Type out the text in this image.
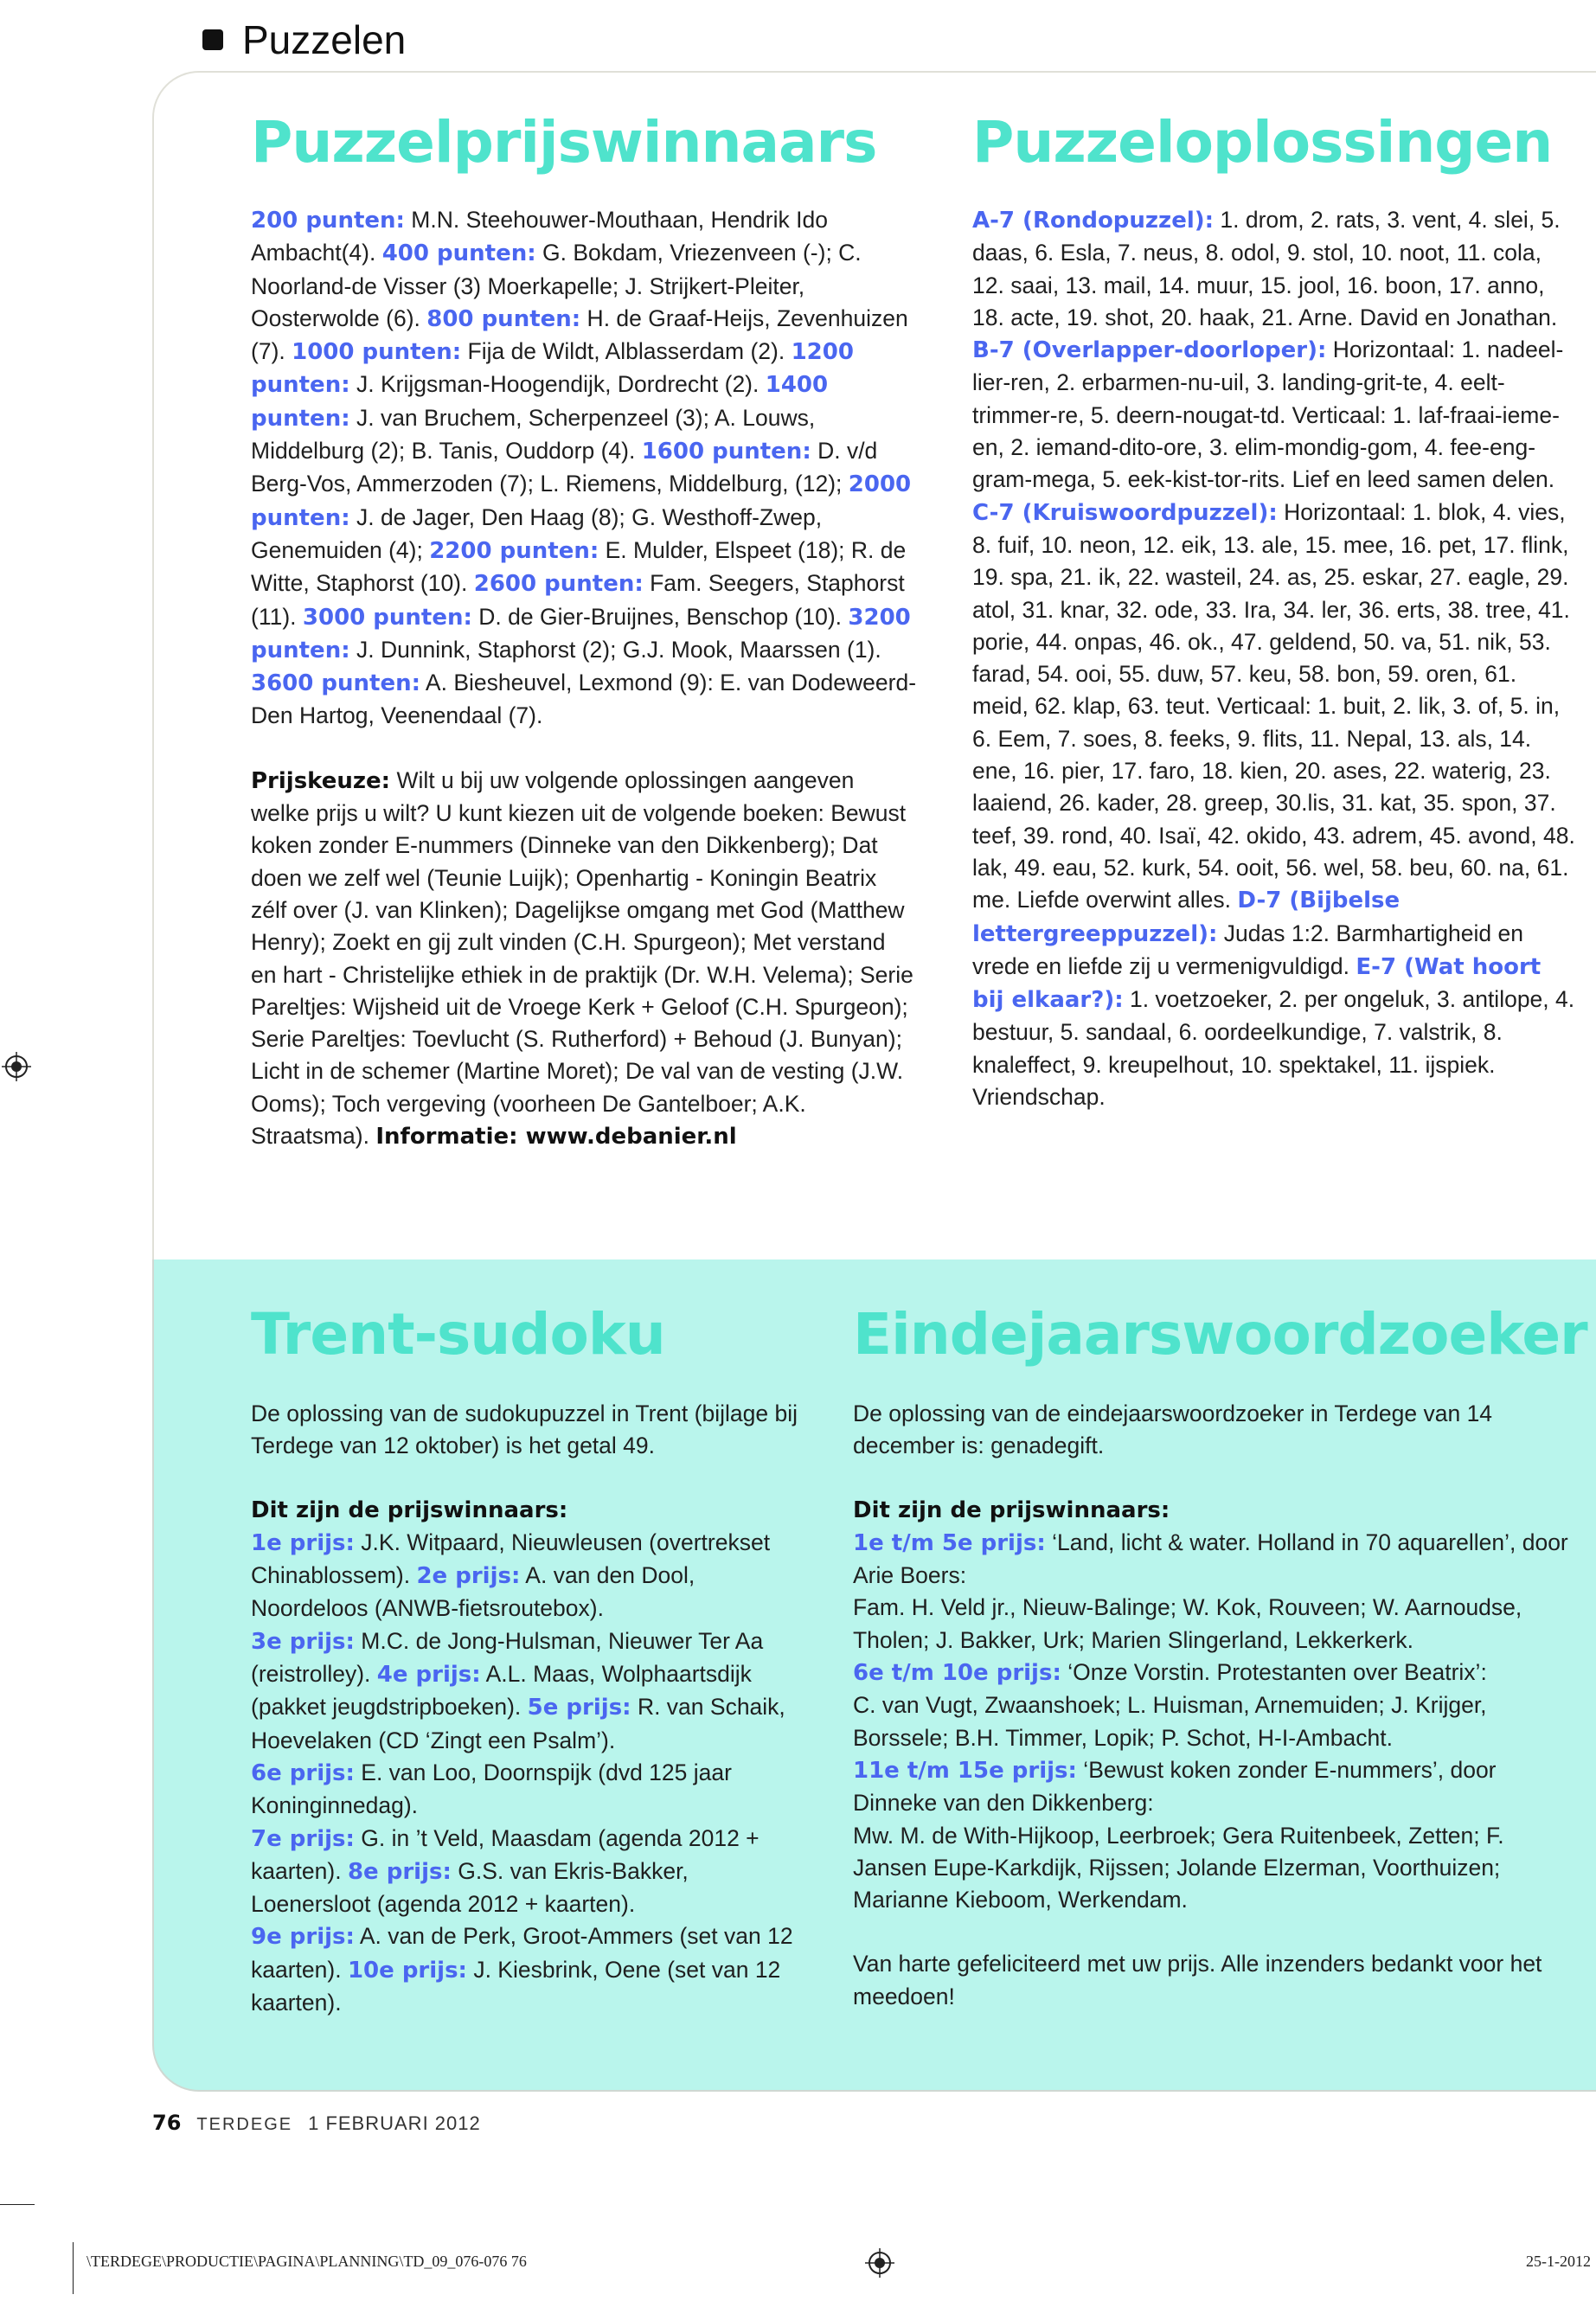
Puzzelen
Puzzelprijswinnaars

200 punten: M.N. Steehouwer-Mouthaan, Hendrik Ido Ambacht(4). 400 punten: G. Bokdam, Vriezenveen (-); C. Noorland-de Visser (3) Moerkapelle; J. Strijkert-Pleiter, Oosterwolde (6). 800 punten: H. de Graaf-Heijs, Zevenhuizen (7). 1000 punten: Fija de Wildt, Alblasserdam (2). 1200 punten: J. Krijgsman-Hoogendijk, Dordrecht (2). 1400 punten: J. van Bruchem, Scherpenzeel (3); A. Louws, Middelburg (2); B. Tanis, Ouddorp (4). 1600 punten: D. v/d Berg-Vos, Ammerzoden (7); L. Riemens, Middelburg, (12); 2000 punten: J. de Jager, Den Haag (8); G. Westhoff-Zwep, Genemuiden (4); 2200 punten: E. Mulder, Elspeet (18); R. de Witte, Staphorst (10). 2600 punten: Fam. Seegers, Staphorst (11). 3000 punten: D. de Gier-Bruijnes, Benschop (10). 3200 punten: J. Dunnink, Staphorst (2); G.J. Mook, Maarssen (1). 3600 punten: A. Biesheuvel, Lexmond (9): E. van Dodeweerd-Den Hartog, Veenendaal (7).

Prijskeuze: Wilt u bij uw volgende oplossingen aangeven welke prijs u wilt? U kunt kiezen uit de volgende boeken: Bewust koken zonder E-nummers (Dinneke van den Dikkenberg); Dat doen we zelf wel (Teunie Luijk); Openhartig - Koningin Beatrix zélf over (J. van Klinken); Dagelijkse omgang met God (Matthew Henry); Zoekt en gij zult vinden (C.H. Spurgeon); Met verstand en hart - Christelijke ethiek in de praktijk (Dr. W.H. Velema); Serie Pareltjes: Wijsheid uit de Vroege Kerk + Geloof (C.H. Spurgeon); Serie Pareltjes: Toevlucht (S. Rutherford) + Behoud (J. Bunyan); Licht in de schemer (Martine Moret); De val van de vesting (J.W. Ooms); Toch vergeving (voorheen De Gantelboer; A.K. Straatsma). Informatie: www.debanier.nl

Puzzeloplossingen

A-7 (Rondopuzzel): 1. drom, 2. rats, 3. vent, 4. slei, 5. daas, 6. Esla, 7. neus, 8. odol, 9. stol, 10. noot, 11. cola, 12. saai, 13. mail, 14. muur, 15. jool, 16. boon, 17. anno, 18. acte, 19. shot, 20. haak, 21. Arne. David en Jonathan. B-7 (Overlapper-doorloper): Horizontaal: 1. nadeel-lier-ren, 2. erbarmen-nu-uil, 3. landing-grit-te, 4. eelt-trimmer-re, 5. deern-nougat-td. Verticaal: 1. laf-fraai-ieme-en, 2. iemand-dito-ore, 3. elim-mondig-gom, 4. fee-eng-gram-mega, 5. eek-kist-tor-rits. Lief en leed samen delen. C-7 (Kruiswoordpuzzel): Horizontaal: 1. blok, 4. vies, 8. fuif, 10. neon, 12. eik, 13. ale, 15. mee, 16. pet, 17. flink, 19. spa, 21. ik, 22. wasteil, 24. as, 25. eskar, 27. eagle, 29. atol, 31. knar, 32. ode, 33. Ira, 34. ler, 36. erts, 38. tree, 41. porie, 44. onpas, 46. ok., 47. geldend, 50. va, 51. nik, 53. farad, 54. ooi, 55. duw, 57. keu, 58. bon, 59. oren, 61. meid, 62. klap, 63. teut. Verticaal: 1. buit, 2. lik, 3. of, 5. in, 6. Eem, 7. soes, 8. feeks, 9. flits, 11. Nepal, 13. als, 14. ene, 16. pier, 17. faro, 18. kien, 20. ases, 22. waterig, 23. laaiend, 26. kader, 28. greep, 30.lis, 31. kat, 35. spon, 37. teef, 39. rond, 40. Isaï, 42. okido, 43. adrem, 45. avond, 48. lak, 49. eau, 52. kurk, 54. ooit, 56. wel, 58. beu, 60. na, 61. me. Liefde overwint alles. D-7 (Bijbelse lettergreeppuzzel): Judas 1:2. Barmhartigheid en vrede en liefde zij u vermenigvuldigd. E-7 (Wat hoort bij elkaar?): 1. voetzoeker, 2. per ongeluk, 3. antilope, 4. bestuur, 5. sandaal, 6. oordeelkundige, 7. valstrik, 8. knaleffect, 9. kreupelhout, 10. spektakel, 11. ijspiek. Vriendschap.

Trent-sudoku

De oplossing van de sudokupuzzel in Trent (bijlage bij Terdege van 12 oktober) is het getal 49.

Dit zijn de prijswinnaars:

1e prijs: J.K. Witpaard, Nieuwleusen (overtrekset Chinablossem). 2e prijs: A. van den Dool, Noordeloos (ANWB-fietsroutebox).

3e prijs: M.C. de Jong-Hulsman, Nieuwer Ter Aa (reistrolley). 4e prijs: A.L. Maas, Wolphaartsdijk (pakket jeugdstripboeken). 5e prijs: R. van Schaik, Hoevelaken (CD ‘Zingt een Psalm’).

6e prijs: E. van Loo, Doornspijk (dvd 125 jaar Koninginnedag).

7e prijs: G. in ’t Veld, Maasdam (agenda 2012 + kaarten). 8e prijs: G.S. van Ekris-Bakker, Loenersloot (agenda 2012 + kaarten).

9e prijs: A. van de Perk, Groot-Ammers (set van 12 kaarten). 10e prijs: J. Kiesbrink, Oene (set van 12 kaarten).

Eindejaarswoordzoeker

De oplossing van de eindejaarswoordzoeker in Terdege van 14 december is: genadegift.

Dit zijn de prijswinnaars:

1e t/m 5e prijs: ‘Land, licht & water. Holland in 70 aquarellen’, door Arie Boers:

Fam. H. Veld jr., Nieuw-Balinge; W. Kok, Rouveen; W. Aarnoudse, Tholen; J. Bakker, Urk; Marien Slingerland, Lekkerkerk.

6e t/m 10e prijs: ‘Onze Vorstin. Protestanten over Beatrix’:

C. van Vugt, Zwaanshoek; L. Huisman, Arnemuiden; J. Krijger, Borssele; B.H. Timmer, Lopik; P. Schot, H-I-Ambacht.

11e t/m 15e prijs: ‘Bewust koken zonder E-nummers’, door Dinneke van den Dikkenberg:

Mw. M. de With-Hijkoop, Leerbroek; Gera Ruitenbeek, Zetten; F. Jansen Eupe-Karkdijk, Rijssen; Jolande Elzerman, Voorthuizen; Marianne Kieboom, Werkendam.

Van harte gefeliciteerd met uw prijs. Alle inzenders bedankt voor het meedoen!

76 TERDEGE 1 FEBRUARI 2012
\TERDEGE\PRODUCTIE\PAGINA\PLANNING\TD_09_076-076 76	25-1-2012
